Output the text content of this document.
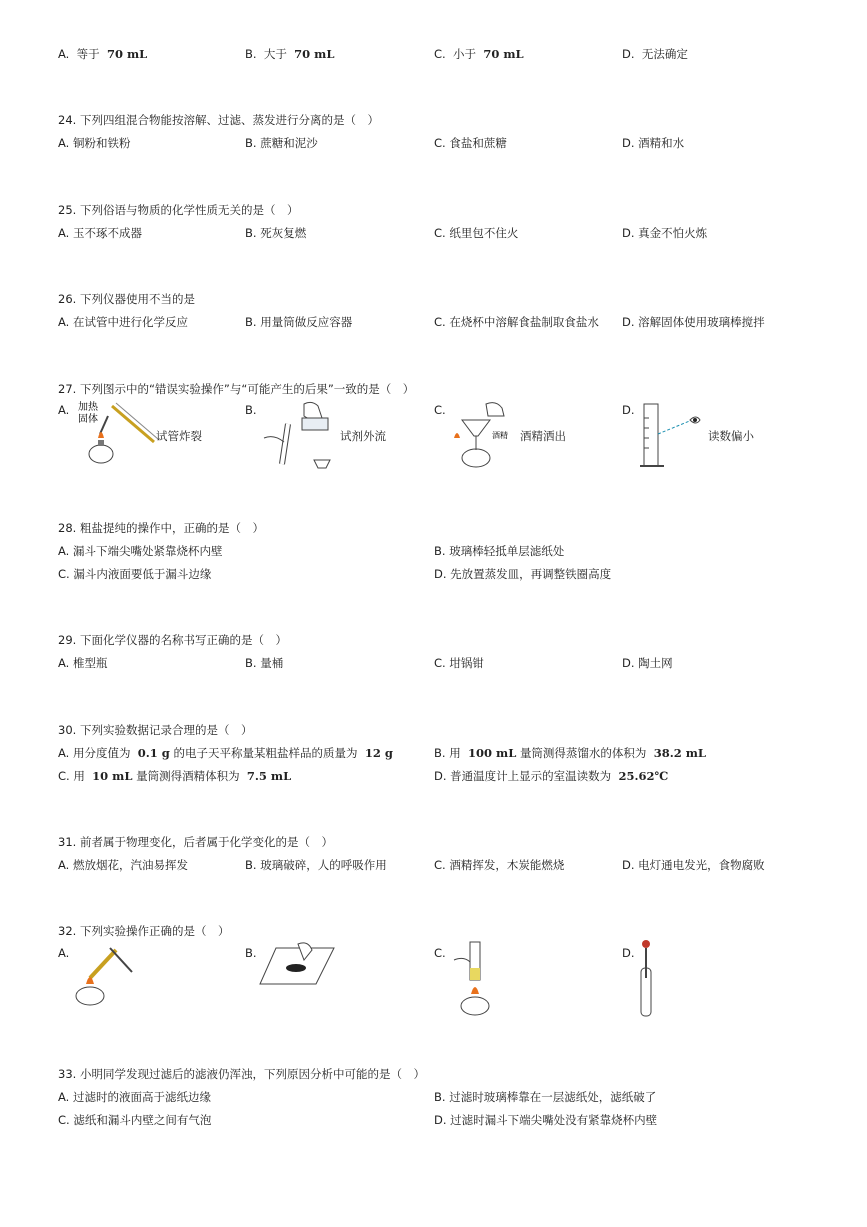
A. 等于 70 mL	B. 大于 70 mL	C. 小于 70 mL	D. 无法确定
24. 下列四组混合物能按溶解、过滤、蒸发进行分离的是（　）
A. 铜粉和铁粉	B. 蔗糖和泥沙	C. 食盐和蔗糖	D. 酒精和水
25. 下列俗语与物质的化学性质无关的是（　）
A. 玉不琢不成器	B. 死灰复燃	C. 纸里包不住火	D. 真金不怕火炼
26. 下列仪器使用不当的是
A. 在试管中进行化学反应	B. 用量筒做反应容器	C. 在烧杯中溶解食盐制取食盐水 D. 溶解固体使用玻璃棒搅拌
27. 下列图示中的“错误实验操作”与“可能产生的后果”一致的是（　）
A. 加热
固体
试管炸裂
B.
试剂外流
C.
酒精 酒精洒出
D.
读数偏小
28. 粗盐提纯的操作中，正确的是（　）
A. 漏斗下端尖嘴处紧靠烧杯内壁	B. 玻璃棒轻抵单层滤纸处
C. 漏斗内液面要低于漏斗边缘	D. 先放置蒸发皿，再调整铁圈高度
29. 下面化学仪器的名称书写正确的是（　）
A. 椎型瓶	B. 量桶	C. 坩锅钳	D. 陶土网
30. 下列实验数据记录合理的是（　）
A. 用分度值为 0.1 g 的电子天平称量某粗盐样品的质量为 12 g	B. 用 100 mL 量筒测得蒸馏水的体积为 38.2 mL
C. 用 10 mL 量筒测得酒精体积为 7.5 mL	D. 普通温度计上显示的室温读数为 25.62℃
31. 前者属于物理变化，后者属于化学变化的是（　）
A. 燃放烟花，汽油易挥发	B. 玻璃破碎，人的呼吸作用	C. 酒精挥发，木炭能燃烧	D. 电灯通电发光，食物腐败
32. 下列实验操作正确的是（　）
A.	B.	C.	D.
33. 小明同学发现过滤后的滤液仍浑浊，下列原因分析中可能的是（　）
A. 过滤时的液面高于滤纸边缘	B. 过滤时玻璃棒靠在一层滤纸处，滤纸破了
C. 滤纸和漏斗内壁之间有气泡	D. 过滤时漏斗下端尖嘴处没有紧靠烧杯内壁
